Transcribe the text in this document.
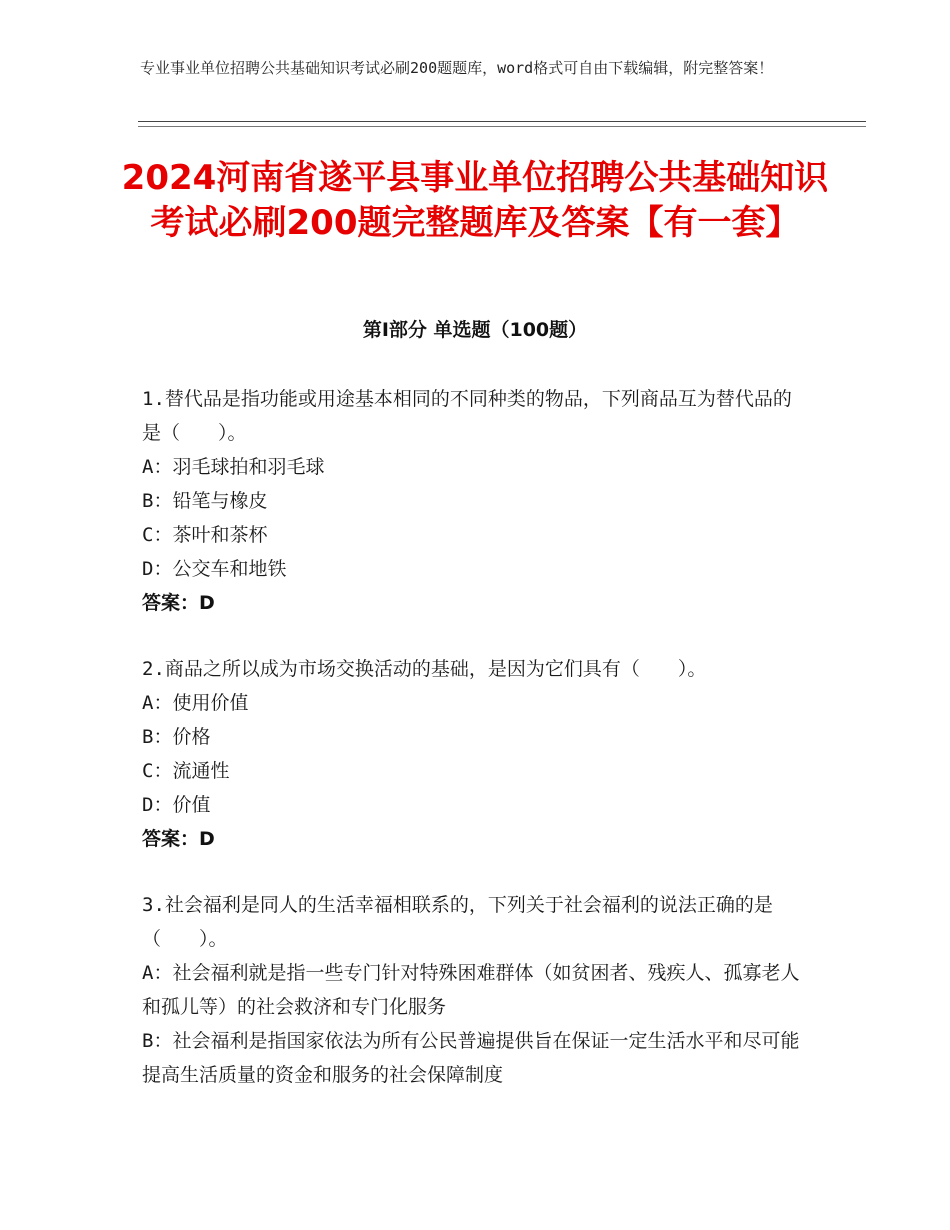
专业事业单位招聘公共基础知识考试必刷200题题库，word格式可自由下载编辑，附完整答案！
2024河南省遂平县事业单位招聘公共基础知识考试必刷200题完整题库及答案【有一套】
第Ⅰ部分 单选题（100题）

1.替代品是指功能或用途基本相同的不同种类的物品，下列商品互为替代品的是（　　）。

A：羽毛球拍和羽毛球

B：铅笔与橡皮

C：茶叶和茶杯

D：公交车和地铁

答案：D

2.商品之所以成为市场交换活动的基础，是因为它们具有（　　）。

A：使用价值

B：价格

C：流通性

D：价值

答案：D

3.社会福利是同人的生活幸福相联系的，下列关于社会福利的说法正确的是（　　）。

A：社会福利就是指一些专门针对特殊困难群体（如贫困者、残疾人、孤寡老人和孤儿等）的社会救济和专门化服务

B：社会福利是指国家依法为所有公民普遍提供旨在保证一定生活水平和尽可能提高生活质量的资金和服务的社会保障制度
